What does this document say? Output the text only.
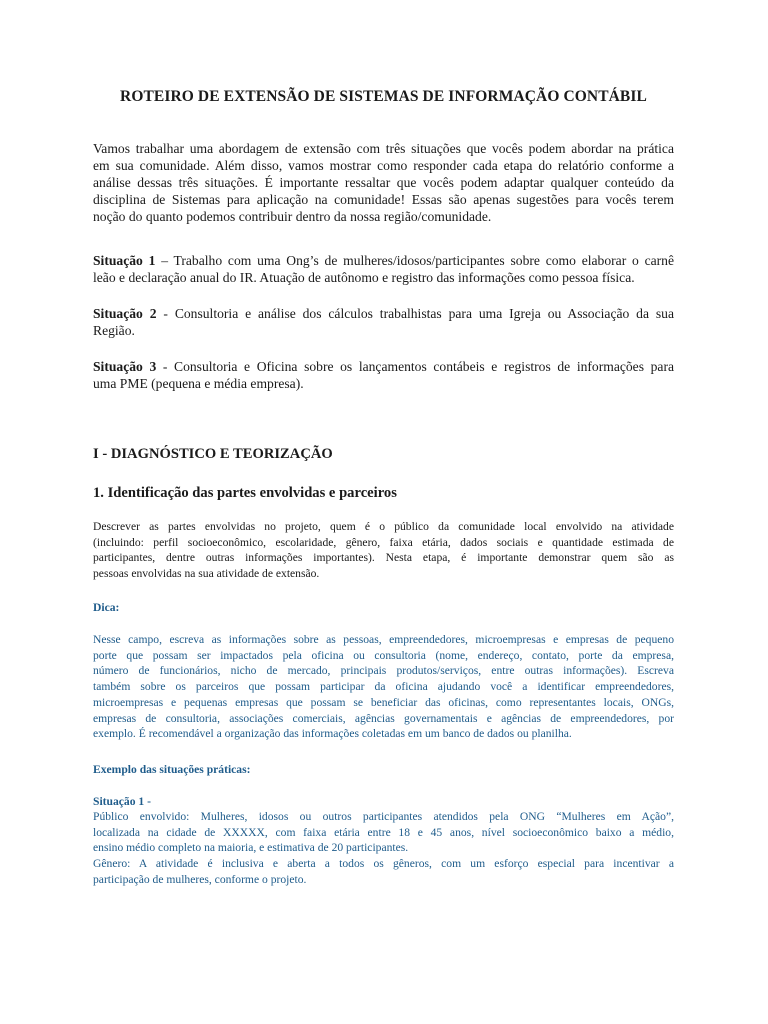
ROTEIRO DE EXTENSÃO DE SISTEMAS DE INFORMAÇÃO CONTÁBIL
Vamos trabalhar uma abordagem de extensão com três situações que vocês podem abordar na prática
em sua comunidade. Além disso, vamos mostrar como responder cada etapa do relatório conforme a
análise dessas três situações. É importante ressaltar que vocês podem adaptar qualquer conteúdo da
disciplina de Sistemas para aplicação na comunidade! Essas são apenas sugestões para vocês terem
noção do quanto podemos contribuir dentro da nossa região/comunidade.
Situação 1 – Trabalho com uma Ong’s de mulheres/idosos/participantes sobre como elaborar o carnê
leão e declaração anual do IR. Atuação de autônomo e registro das informações como pessoa física.
Situação 2 - Consultoria e análise dos cálculos trabalhistas para uma Igreja ou Associação da sua
Região.
Situação 3 - Consultoria e Oficina sobre os lançamentos contábeis e registros de informações para
uma PME (pequena e média empresa).
I - DIAGNÓSTICO E TEORIZAÇÃO
1. Identificação das partes envolvidas e parceiros
Descrever as partes envolvidas no projeto, quem é o público da comunidade local envolvido na atividade
(incluindo: perfil socioeconômico, escolaridade, gênero, faixa etária, dados sociais e quantidade estimada de
participantes, dentre outras informações importantes). Nesta etapa, é importante demonstrar quem são as
pessoas envolvidas na sua atividade de extensão.
Dica:
Nesse campo, escreva as informações sobre as pessoas, empreendedores, microempresas e empresas de pequeno
porte que possam ser impactados pela oficina ou consultoria (nome, endereço, contato, porte da empresa,
número de funcionários, nicho de mercado, principais produtos/serviços, entre outras informações). Escreva
também sobre os parceiros que possam participar da oficina ajudando você a identificar empreendedores,
microempresas e pequenas empresas que possam se beneficiar das oficinas, como representantes locais, ONGs,
empresas de consultoria, associações comerciais, agências governamentais e agências de empreendedores, por
exemplo. É recomendável a organização das informações coletadas em um banco de dados ou planilha.
Exemplo das situações práticas:
Situação 1 -
Público envolvido: Mulheres, idosos ou outros participantes atendidos pela ONG “Mulheres em Ação”,
localizada na cidade de XXXXX, com faixa etária entre 18 e 45 anos, nível socioeconômico baixo a médio,
ensino médio completo na maioria, e estimativa de 20 participantes.
Gênero: A atividade é inclusiva e aberta a todos os gêneros, com um esforço especial para incentivar a
participação de mulheres, conforme o projeto.
